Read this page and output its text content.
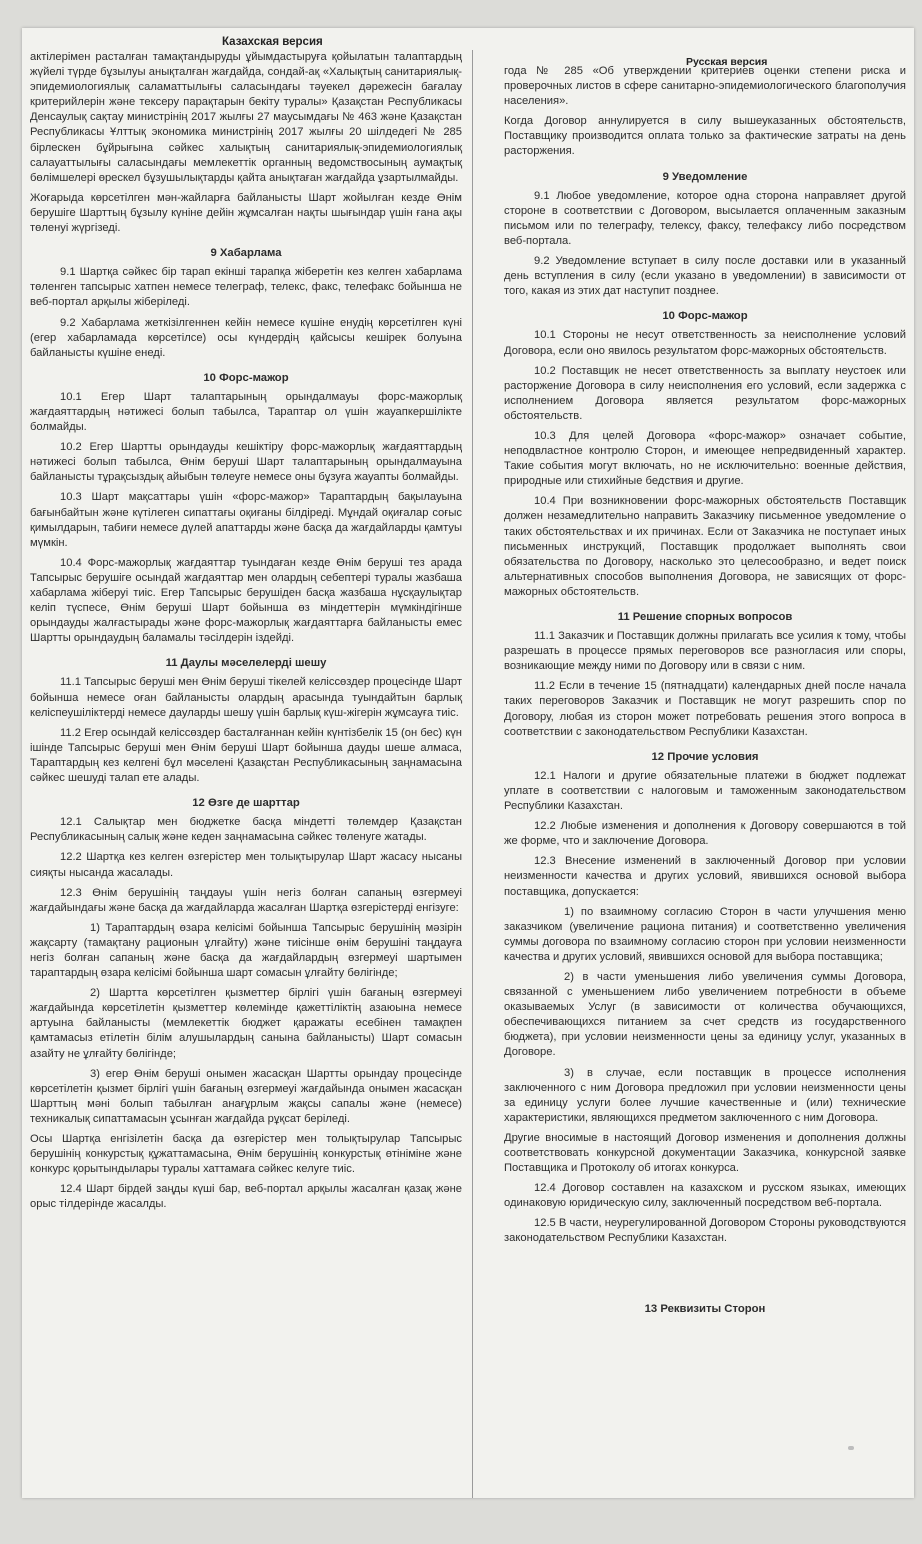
Казахская версия
Русская версия

актілерімен расталған тамақтандыруды ұйымдастыруға қойылатын талаптардың жүйелі түрде бұзылуы анықталған жағдайда, сондай-ақ «Халықтың санитариялық-эпидемиологиялық саламаттылығы саласындағы тәуекел дәрежесін бағалау критерийлерін және тексеру парақтарын бекіту туралы» Қазақстан Республикасы Денсаулық сақтау министрінің 2017 жылғы 27 маусымдағы № 463 және Қазақстан Республикасы Ұлттық экономика министрінің 2017 жылғы 20 шілдедегі № 285 бірлескен бұйрығына сәйкес халықтың санитариялық-эпидемиологиялық салауаттылығы саласындағы мемлекеттік органның ведомствосының аумақтық бөлімшелері өрескел бұзушылықтарды қайта анықтаған жағдайда ұзартылмайды.

Жоғарыда көрсетілген мән-жайларға байланысты Шарт жойылған кезде Өнім берушіге Шарттың бұзылу күніне дейін жұмсалған нақты шығындар үшін ғана ақы төленуі жүргізеді.

9 Хабарлама

9.1 Шартқа сәйкес бір тарап екінші тарапқа жіберетін кез келген хабарлама төленген тапсырыс хатпен немесе телеграф, телекс, факс, телефакс бойынша не веб-портал арқылы жіберіледі.

9.2 Хабарлама жеткізілгеннен кейін немесе күшіне енудің көрсетілген күні (егер хабарламада көрсетілсе) осы күндердің қайсысы кешірек болуына байланысты күшіне енеді.

10 Форс-мажор

10.1 Егер Шарт талаптарының орындалмауы форс-мажорлық жағдаяттардың нәтижесі болып табылса, Тараптар ол үшін жауапкершілікте болмайды.

10.2 Егер Шартты орындауды кешіктіру форс-мажорлық жағдаяттардың нәтижесі болып табылса, Өнім беруші Шарт талаптарының орындалмауына байланысты тұрақсыздық айыбын төлеуге немесе оны бұзуға жауапты болмайды.

10.3 Шарт мақсаттары үшін «форс-мажор» Тараптардың бақылауына бағынбайтын және күтілеген сипаттағы оқиғаны білдіреді. Мұндай оқиғалар соғыс қимылдарын, табиғи немесе дүлей апаттарды және басқа да жағдайларды қамтуы мүмкін.

10.4 Форс-мажорлық жағдаяттар туындаған кезде Өнім беруші тез арада Тапсырыс берушіге осындай жағдаяттар мен олардың себептері туралы жазбаша хабарлама жіберуі тиіс. Егер Тапсырыс берушіден басқа жазбаша нұсқаулықтар келіп түспесе, Өнім беруші Шарт бойынша өз міндеттерін мүмкіндігінше орындауды жалғастырады және форс-мажорлық жағдаяттарға байланысты емес Шартты орындаудың баламалы тәсілдерін іздейді.

11 Даулы мәселелерді шешу

11.1 Тапсырыс беруші мен Өнім беруші тікелей келіссөздер процесінде Шарт бойынша немесе оған байланысты олардың арасында туындайтын барлық келіспеушіліктерді немесе дауларды шешу үшін барлық күш-жігерін жұмсауға тиіс.

11.2 Егер осындай келіссөздер басталғаннан кейін күнтізбелік 15 (он бес) күн ішінде Тапсырыс беруші мен Өнім беруші Шарт бойынша дауды шеше алмаса, Тараптардың кез келгені бұл мәселені Қазақстан Республикасының заңнамасына сәйкес шешуді талап ете алады.

12 Өзге де шарттар

12.1 Салықтар мен бюджетке басқа міндетті төлемдер Қазақстан Республикасының салық және кеден заңнамасына сәйкес төленуге жатады.

12.2 Шартқа кез келген өзгерістер мен толықтырулар Шарт жасасу нысаны сияқты нысанда жасалады.

12.3 Өнім берушінің таңдауы үшін негіз болған сапаның өзгермеуі жағдайындағы және басқа да жағдайларда жасалған Шартқа өзгерістерді енгізуге:

1) Тараптардың өзара келісімі бойынша Тапсырыс берушінің мәзірін жақсарту (тамақтану рационын ұлғайту) және тиісінше өнім берушіні таңдауға негіз болған сапаның және басқа да жағдайлардың өзгермеуі шартымен тараптардың өзара келісімі бойынша шарт сомасын ұлғайту бөлігінде;

2) Шартта көрсетілген қызметтер бірлігі үшін бағаның өзгермеуі жағдайында көрсетілетін қызметтер көлемінде қажеттіліктің азаюына немесе артуына байланысты (мемлекеттік бюджет қаражаты есебінен тамақпен қамтамасыз етілетін білім алушылардың санына байланысты) Шарт сомасын азайту не ұлғайту бөлігінде;

3) егер Өнім беруші онымен жасасқан Шартты орындау процесінде көрсетілетін қызмет бірлігі үшін бағаның өзгермеуі жағдайында онымен жасасқан Шарттың мәні болып табылған анағұрлым жақсы сапалы және (немесе) техникалық сипаттамасын ұсынған жағдайда рұқсат беріледі.

Осы Шартқа енгізілетін басқа да өзгерістер мен толықтырулар Тапсырыс берушінің конкурстық құжаттамасына, Өнім берушінің конкурстық өтініміне және конкурс қорытындылары туралы хаттамаға сәйкес келуге тиіс.

12.4 Шарт бірдей заңды күші бар, веб-портал арқылы жасалған қазақ және орыс тілдерінде жасалды.

года № 285 «Об утверждении критериев оценки степени риска и проверочных листов в сфере санитарно-эпидемиологического благополучия населения».

Когда Договор аннулируется в силу вышеуказанных обстоятельств, Поставщику производится оплата только за фактические затраты на день расторжения.

9 Уведомление

9.1 Любое уведомление, которое одна сторона направляет другой стороне в соответствии с Договором, высылается оплаченным заказным письмом или по телеграфу, телексу, факсу, телефаксу либо посредством веб-портала.

9.2 Уведомление вступает в силу после доставки или в указанный день вступления в силу (если указано в уведомлении) в зависимости от того, какая из этих дат наступит позднее.

10 Форс-мажор

10.1 Стороны не несут ответственность за неисполнение условий Договора, если оно явилось результатом форс-мажорных обстоятельств.

10.2 Поставщик не несет ответственность за выплату неустоек или расторжение Договора в силу неисполнения его условий, если задержка с исполнением Договора является результатом форс-мажорных обстоятельств.

10.3 Для целей Договора «форс-мажор» означает событие, неподвластное контролю Сторон, и имеющее непредвиденный характер. Такие события могут включать, но не исключительно: военные действия, природные или стихийные бедствия и другие.

10.4 При возникновении форс-мажорных обстоятельств Поставщик должен незамедлительно направить Заказчику письменное уведомление о таких обстоятельствах и их причинах. Если от Заказчика не поступает иных письменных инструкций, Поставщик продолжает выполнять свои обязательства по Договору, насколько это целесообразно, и ведет поиск альтернативных способов выполнения Договора, не зависящих от форс-мажорных обстоятельств.

11 Решение спорных вопросов

11.1 Заказчик и Поставщик должны прилагать все усилия к тому, чтобы разрешать в процессе прямых переговоров все разногласия или споры, возникающие между ними по Договору или в связи с ним.

11.2 Если в течение 15 (пятнадцати) календарных дней после начала таких переговоров Заказчик и Поставщик не могут разрешить спор по Договору, любая из сторон может потребовать решения этого вопроса в соответствии с законодательством Республики Казахстан.

12 Прочие условия

12.1 Налоги и другие обязательные платежи в бюджет подлежат уплате в соответствии с налоговым и таможенным законодательством Республики Казахстан.

12.2 Любые изменения и дополнения к Договору совершаются в той же форме, что и заключение Договора.

12.3 Внесение изменений в заключенный Договор при условии неизменности качества и других условий, явившихся основой выбора поставщика, допускается:

1) по взаимному согласию Сторон в части улучшения меню заказчиком (увеличение рациона питания) и соответственно увеличения суммы договора по взаимному согласию сторон при условии неизменности качества и других условий, явившихся основой для выбора поставщика;

2) в части уменьшения либо увеличения суммы Договора, связанной с уменьшением либо увеличением потребности в объеме оказываемых Услуг (в зависимости от количества обучающихся, обеспечивающихся питанием за счет средств из государственного бюджета), при условии неизменности цены за единицу услуг, указанных в Договоре.

3) в случае, если поставщик в процессе исполнения заключенного с ним Договора предложил при условии неизменности цены за единицу услуги более лучшие качественные и (или) технические характеристики, являющихся предметом заключенного с ним Договора.

Другие вносимые в настоящий Договор изменения и дополнения должны соответствовать конкурсной документации Заказчика, конкурсной заявке Поставщика и Протоколу об итогах конкурса.

12.4 Договор составлен на казахском и русском языках, имеющих одинаковую юридическую силу, заключенный посредством веб-портала.

12.5 В части, неурегулированной Договором Стороны руководствуются законодательством Республики Казахстан.

13 Реквизиты Сторон
